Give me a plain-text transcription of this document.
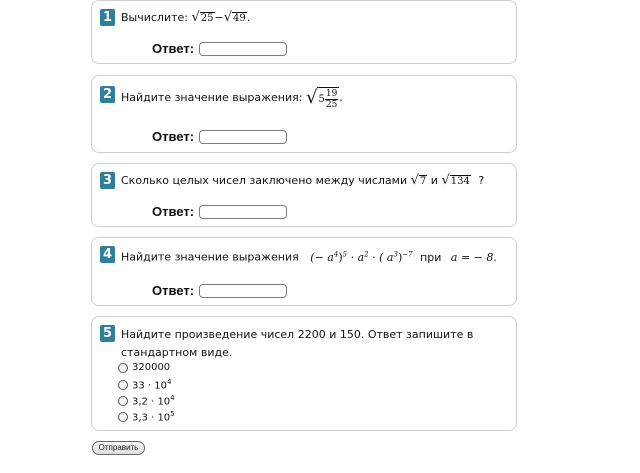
1 Вычислите: √ 25 − √ 49 .
Ответ:
2 Найдите значение выражения: √ $5 \frac{19}{25}$ .
Ответ:
3 Сколько целых чисел заключено между числами √ 7 и √ 134 ?
Ответ:
4 Найдите значение выражения (− $a^4)^5 \cdot a^2$ · ( $a^3)^{-7}$ при a = − 8.
Ответ:
5 Найдите произведение чисел 2200 и 150. Ответ запишите в
стандартном виде.
320000
$33 \cdot 10^4$
$3,2 \cdot 10^4$
$3,3 \cdot 10^5$
Отправить
